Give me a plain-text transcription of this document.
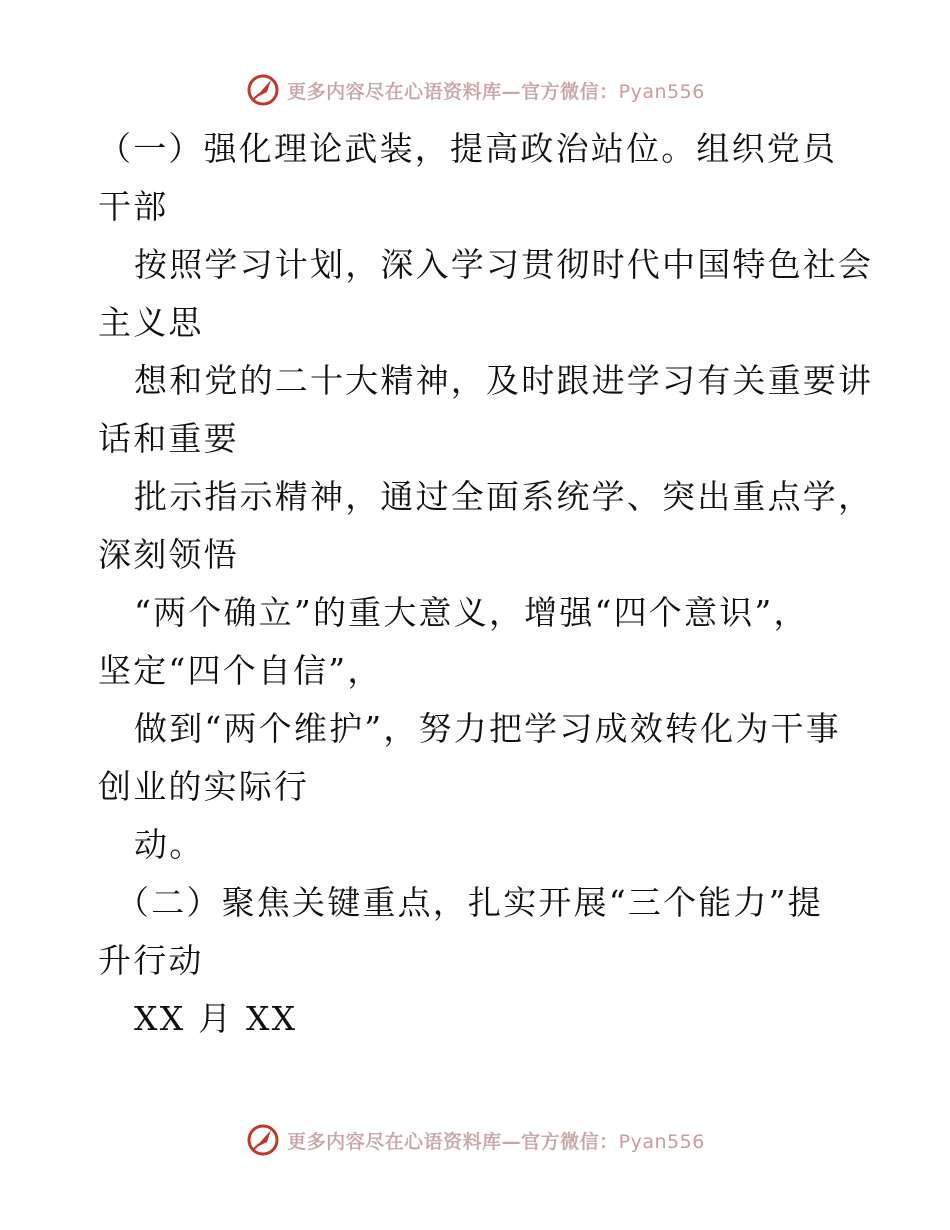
更多内容尽在心语资料库—官方微信：Pyan556
（一）强化理论武装，提高政治站位。组织党员
干部
按照学习计划，深入学习贯彻时代中国特色社会
主义思
想和党的二十大精神，及时跟进学习有关重要讲
话和重要
批示指示精神，通过全面系统学、突出重点学，
深刻领悟
“两个确立”的重大意义，增强“四个意识”，
坚定“四个自信”，
做到“两个维护”，努力把学习成效转化为干事
创业的实际行
动。
（二）聚焦关键重点，扎实开展“三个能力”提
升行动
XX 月 XX
更多内容尽在心语资料库—官方微信：Pyan556
